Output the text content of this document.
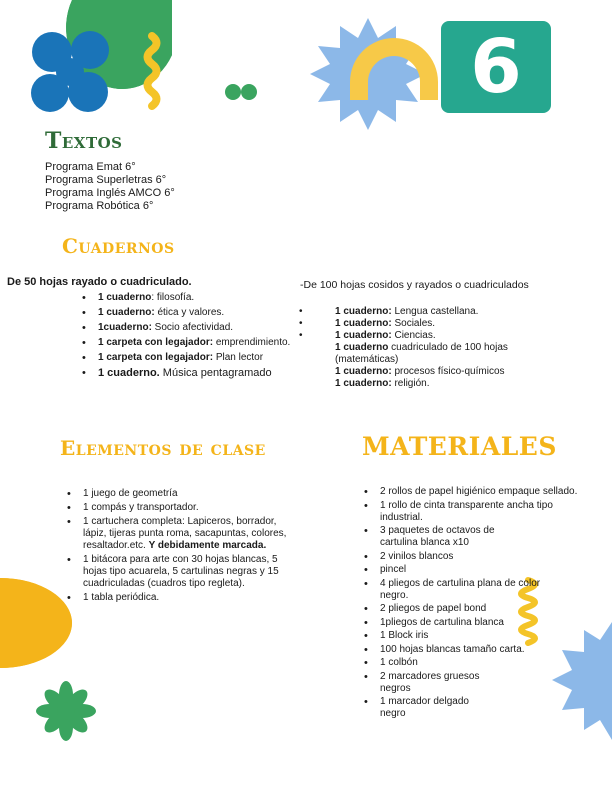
6
Textos
Programa Emat 6°
Programa Superletras 6°
Programa Inglés AMCO 6°
Programa Robótica 6°
Cuadernos
De 50 hojas rayado o cuadriculado.
• 1 cuaderno: filosofía.
• 1 cuaderno: ética y valores.
• 1cuaderno: Socio afectividad.
• 1 carpeta con legajador: emprendimiento.
• 1 carpeta con legajador: Plan lector
• 1 cuaderno. Música pentagramado
-De 100 hojas cosidos y rayados o cuadriculados
• 1 cuaderno: Lengua castellana.
• 1 cuaderno: Sociales.
• 1 cuaderno: Ciencias.
1 cuaderno cuadriculado de 100 hojas (matemáticas)
1 cuaderno: procesos físico-químicos
1 cuaderno: religión.
Elementos de clase
• 1 juego de geometría
• 1 compás y transportador.
• 1 cartuchera completa: Lapiceros, borrador, lápiz, tijeras punta roma, sacapuntas, colores, resaltador.etc. Y debidamente marcada.
• 1 bitácora para arte con 30 hojas blancas, 5 hojas tipo acuarela, 5 cartulinas negras y 15 cuadriculadas (cuadros tipo regleta).
• 1 tabla periódica.
MATERIALES
• 2 rollos de papel higiénico empaque sellado.
• 1 rollo de cinta transparente ancha tipo industrial.
• 3 paquetes de octavos de cartulina blanca x10
• 2 vinilos blancos
• pincel
• 4 pliegos de cartulina plana de color negro.
• 2 pliegos de papel bond
• 1pliegos de cartulina blanca
• 1 Block iris
• 100 hojas blancas tamaño carta.
• 1 colbón
• 2 marcadores gruesos negros
• 1 marcador delgado negro
